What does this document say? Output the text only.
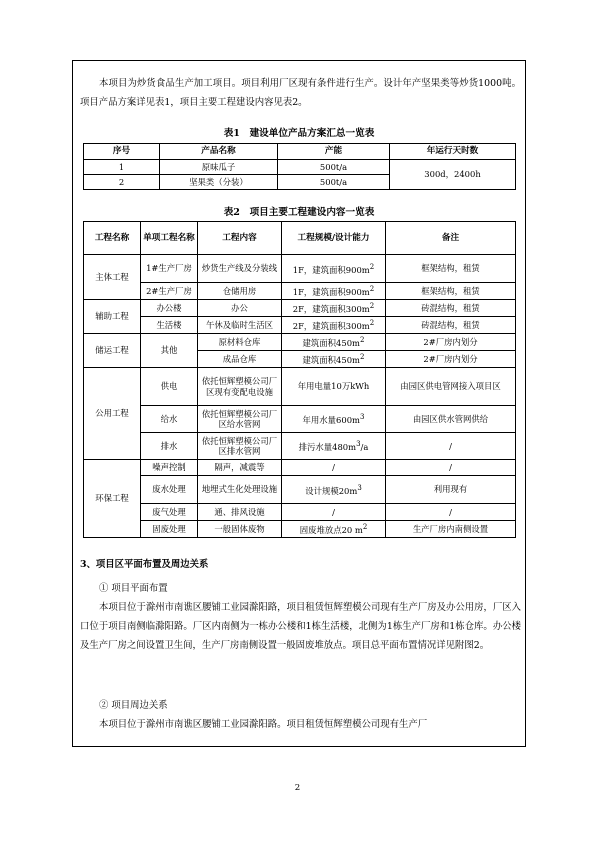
本项目为炒货食品生产加工项目。项目利用厂区现有条件进行生产。设计年产坚果类等炒货1000吨。项目产品方案详见表1，项目主要工程建设内容见表2。

表1　建设单位产品方案汇总一览表

序号	产品名称	产能	年运行天时数
1	原味瓜子	500t/a	300d，2400h
2	坚果类（分装）	500t/a	

表2　项目主要工程建设内容一览表

工程名称	单项工程名称	工程内容	工程规模/设计能力	备注
主体工程	1#生产厂房	炒货生产线及分装线	1F，建筑面积$900m^2$	框架结构，租赁
	2#生产厂房	仓储用房	1F，建筑面积$900m^2$	框架结构，租赁
辅助工程	办公楼	办公	2F，建筑面积$300m^2$	砖混结构，租赁
	生活楼	午休及临时生活区	2F，建筑面积$300m^2$	砖混结构，租赁
储运工程	其他	原材料仓库	建筑面积$450m^2$	2#厂房内划分
		成品仓库	建筑面积$450m^2$	2#厂房内划分
公用工程	供电	依托恒辉塑模公司厂区现有变配电设施	年用电量10万kWh	由园区供电管网接入项目区
	给水	依托恒辉塑模公司厂区给水管网	年用水量$600m^3$	由园区供水管网供给
	排水	依托恒辉塑模公司厂区排水管网	排污水量$480m^3/a$	/
环保工程	噪声控制	隔声，减震等	/	/
	废水处理	地埋式生化处理设施	设计规模$20m^3$	利用现有
	废气处理	通、排风设施	/	/
	固废处理	一般固体废物	固废堆放点20 $m^2$	生产厂房内南侧设置

3、项目区平面布置及周边关系

① 项目平面布置

本项目位于滁州市南谯区腰铺工业园滁阳路，项目租赁恒辉塑模公司现有生产厂房及办公用房，厂区入口位于项目南侧临滁阳路。厂区内南侧为一栋办公楼和1栋生活楼，北侧为1栋生产厂房和1栋仓库。办公楼及生产厂房之间设置卫生间，生产厂房南侧设置一般固废堆放点。项目总平面布置情况详见附图2。

② 项目周边关系

本项目位于滁州市南谯区腰铺工业园滁阳路。项目租赁恒辉塑模公司现有生产厂

2
